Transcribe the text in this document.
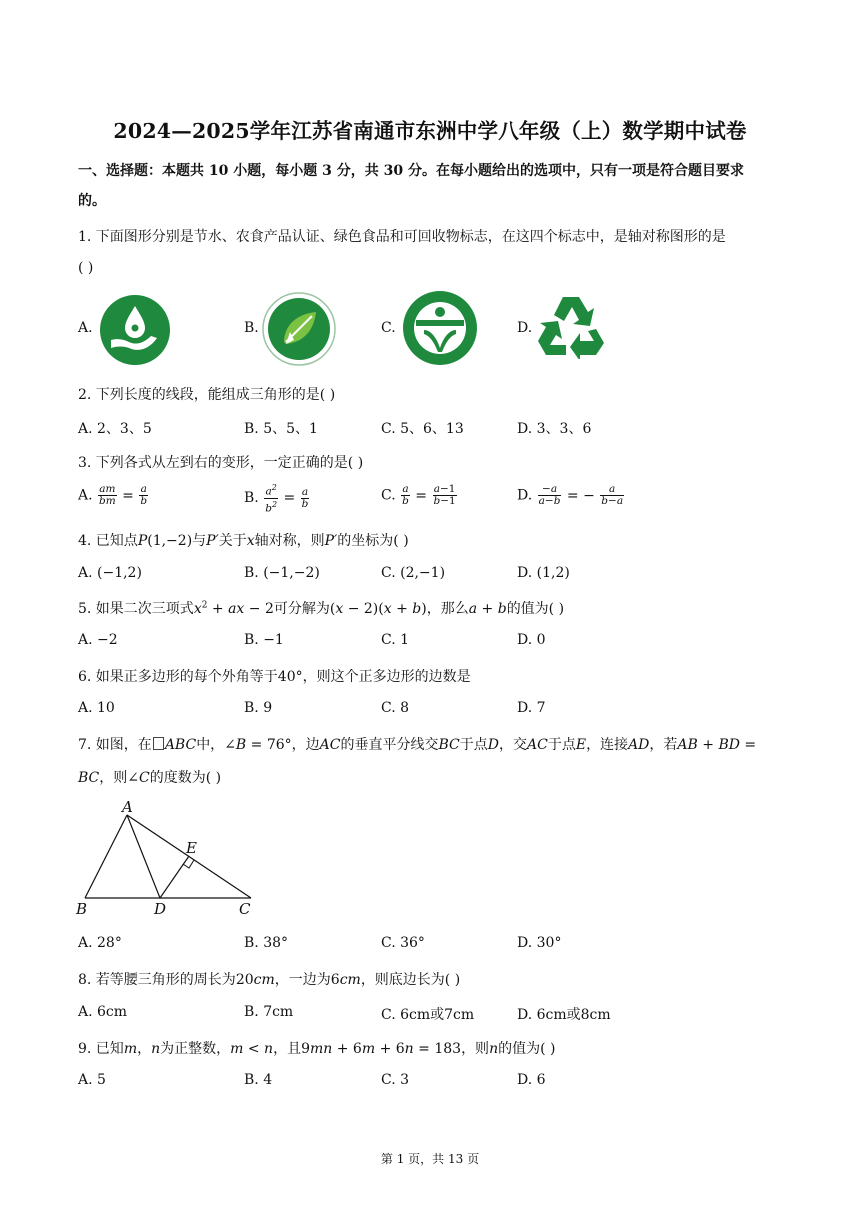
2024—2025学年江苏省南通市东洲中学八年级（上）数学期中试卷
一、选择题：本题共 10 小题，每小题 3 分，共 30 分。在每小题给出的选项中，只有一项是符合题目要求
的。
1. 下面图形分别是节水、农食产品认证、绿色食品和可回收物标志，在这四个标志中，是轴对称图形的是
( )
A.	B.	C.	D.
2. 下列长度的线段，能组成三角形的是( )
A. 2、3、5	B. 5、5、1	C. 5、6、13	D. 3、3、6
3. 下列各式从左到右的变形，一定正确的是( )
A. $\frac{am}{bm} = \frac{a}{b}$	B. $\frac{a^2}{b^2} = \frac{a}{b}$	C. $\frac{a}{b} = \frac{a-1}{b-1}$	D. $\frac{-a}{a-b}$ = − $\frac{a}{b-a}$
4. 已知点P(1,−2)与P′关于x轴对称，则P′的坐标为( )
A. (−1,2)	B. (−1,−2)	C. (2,−1)	D. (1,2)
5. 如果二次三项式$x^2$ + ax − 2可分解为(x − 2)(x + b)，那么a + b的值为( )
A. −2	B. −1	C. 1	D. 0
6. 如果正多边形的每个外角等于40°，则这个正多边形的边数是
A. 10	B. 9	C. 8	D. 7
7. 如图，在 ABC中，∠B = 76°，边AC的垂直平分线交BC于点D，交AC于点E，连接AD，若AB + BD =
BC，则∠C的度数为( )
A
B	C
D
E
A. 28°	B. 38°	C. 36°	D. 30°
8. 若等腰三角形的周长为20cm，一边为6cm，则底边长为( )
A. 6cm	B. 7cm	C. 6cm或7cm	D. 6cm或8cm
9. 已知m，n为正整数，m < n，且9mn + 6m + 6n = 183，则n的值为( )
A. 5	B. 4	C. 3	D. 6
第 1 页，共 13 页
